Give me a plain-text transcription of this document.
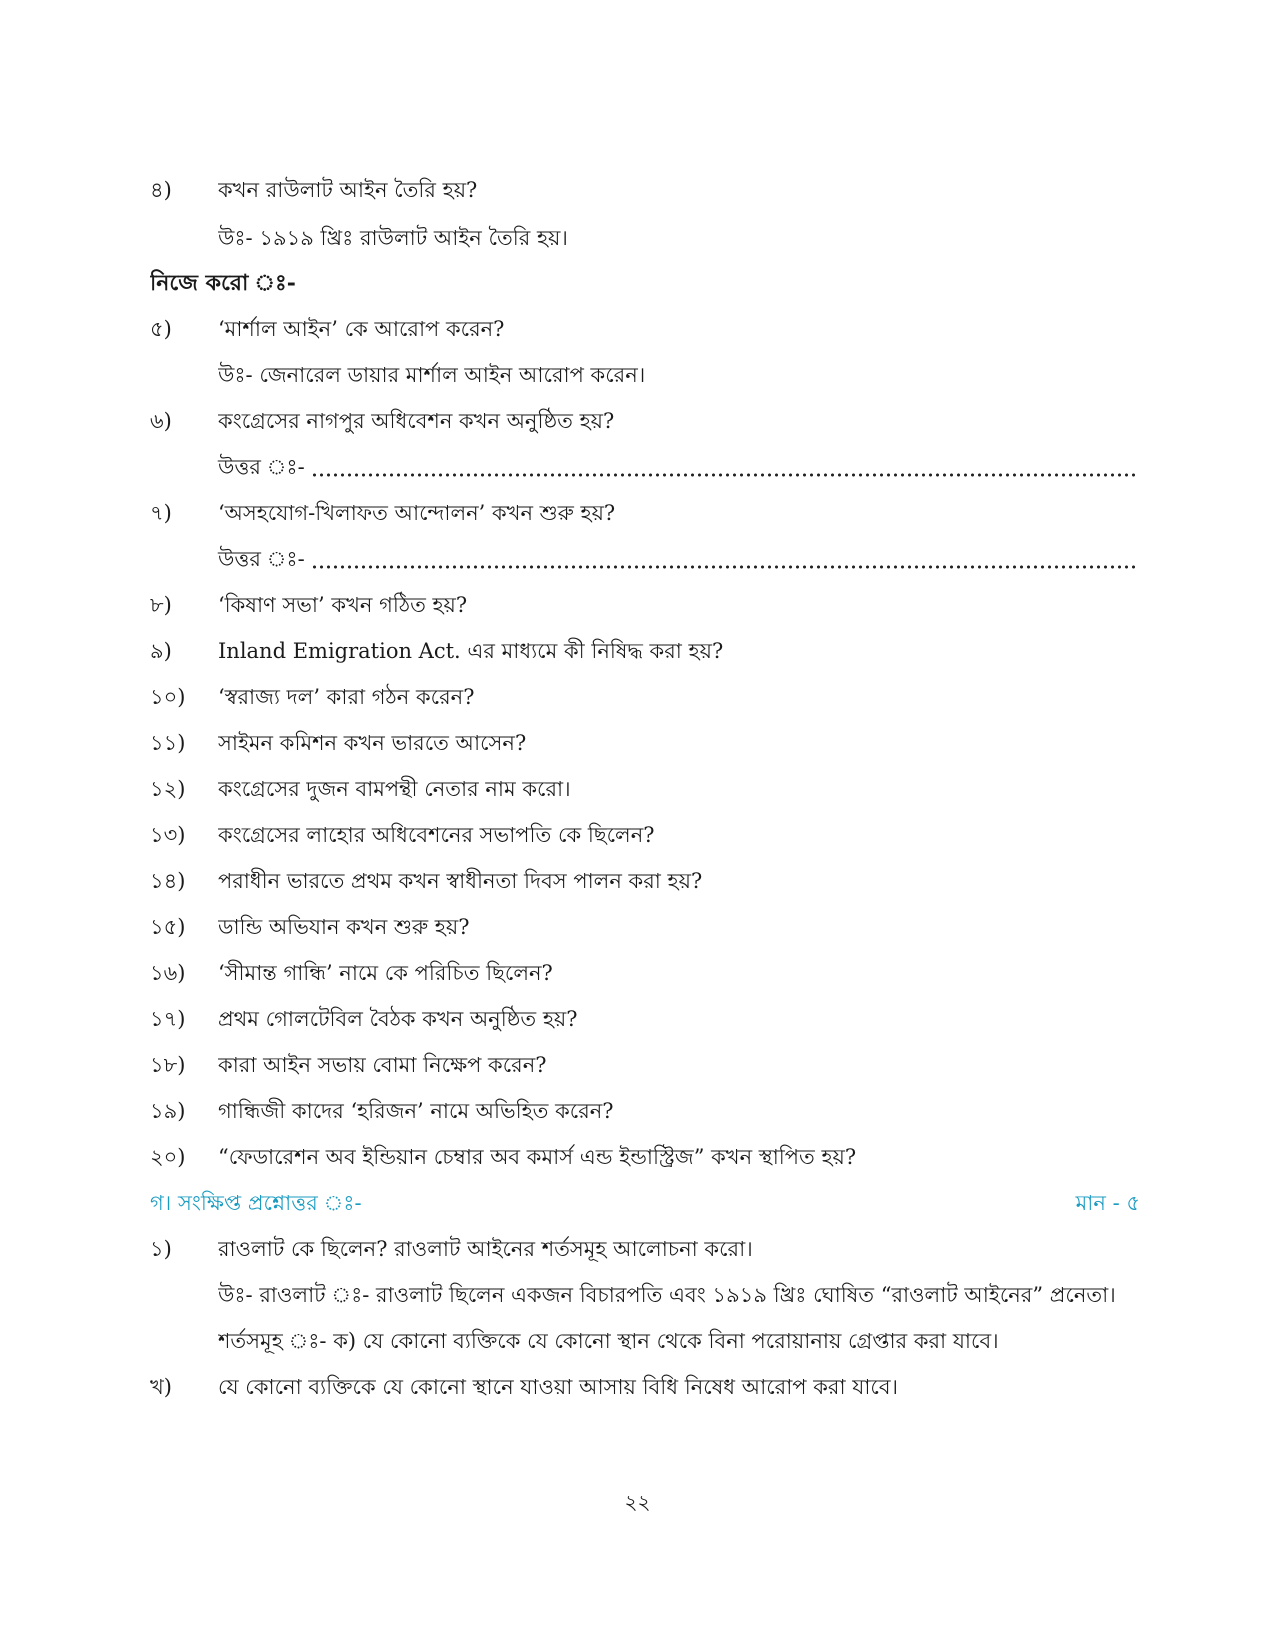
৪)	কখন রাউলাট আইন তৈরি হয়?
উঃ- ১৯১৯ খ্রিঃ রাউলাট আইন তৈরি হয়।
নিজে করো ঃ-
৫)	‘মার্শাল আইন’ কে আরোপ করেন?
উঃ- জেনারেল ডায়ার মার্শাল আইন আরোপ করেন।
৬)	কংগ্রেসের নাগপুর অধিবেশন কখন অনুষ্ঠিত হয়?
উত্তর ঃ-
৭)	‘অসহযোগ-খিলাফত আন্দোলন’ কখন শুরু হয়?
উত্তর ঃ-
৮)	‘কিষাণ সভা’ কখন গঠিত হয়?
৯)	Inland Emigration Act. এর মাধ্যমে কী নিষিদ্ধ করা হয়?
১০)	‘স্বরাজ্য দল’ কারা গঠন করেন?
১১)	সাইমন কমিশন কখন ভারতে আসেন?
১২)	কংগ্রেসের দুজন বামপন্থী নেতার নাম করো।
১৩)	কংগ্রেসের লাহোর অধিবেশনের সভাপতি কে ছিলেন?
১৪)	পরাধীন ভারতে প্রথম কখন স্বাধীনতা দিবস পালন করা হয়?
১৫)	ডান্ডি অভিযান কখন শুরু হয়?
১৬)	‘সীমান্ত গান্ধি’ নামে কে পরিচিত ছিলেন?
১৭)	প্রথম গোলটেবিল বৈঠক কখন অনুষ্ঠিত হয়?
১৮)	কারা আইন সভায় বোমা নিক্ষেপ করেন?
১৯)	গান্ধিজী কাদের ‘হরিজন’ নামে অভিহিত করেন?
২০)	“ফেডারেশন অব ইন্ডিয়ান চেম্বার অব কমার্স এন্ড ইন্ডাস্ট্রিজ” কখন স্থাপিত হয়?
গ। সংক্ষিপ্ত প্রশ্নোত্তর ঃ-	মান - ৫
১)	রাওলাট কে ছিলেন? রাওলাট আইনের শর্তসমূহ আলোচনা করো।
উঃ- রাওলাট ঃ- রাওলাট ছিলেন একজন বিচারপতি এবং ১৯১৯ খ্রিঃ ঘোষিত “রাওলাট আইনের” প্রনেতা।
শর্তসমূহ ঃ- ক) যে কোনো ব্যক্তিকে যে কোনো স্থান থেকে বিনা পরোয়ানায় গ্রেপ্তার করা যাবে।
খ)	যে কোনো ব্যক্তিকে যে কোনো স্থানে যাওয়া আসায় বিধি নিষেধ আরোপ করা যাবে।
২২
